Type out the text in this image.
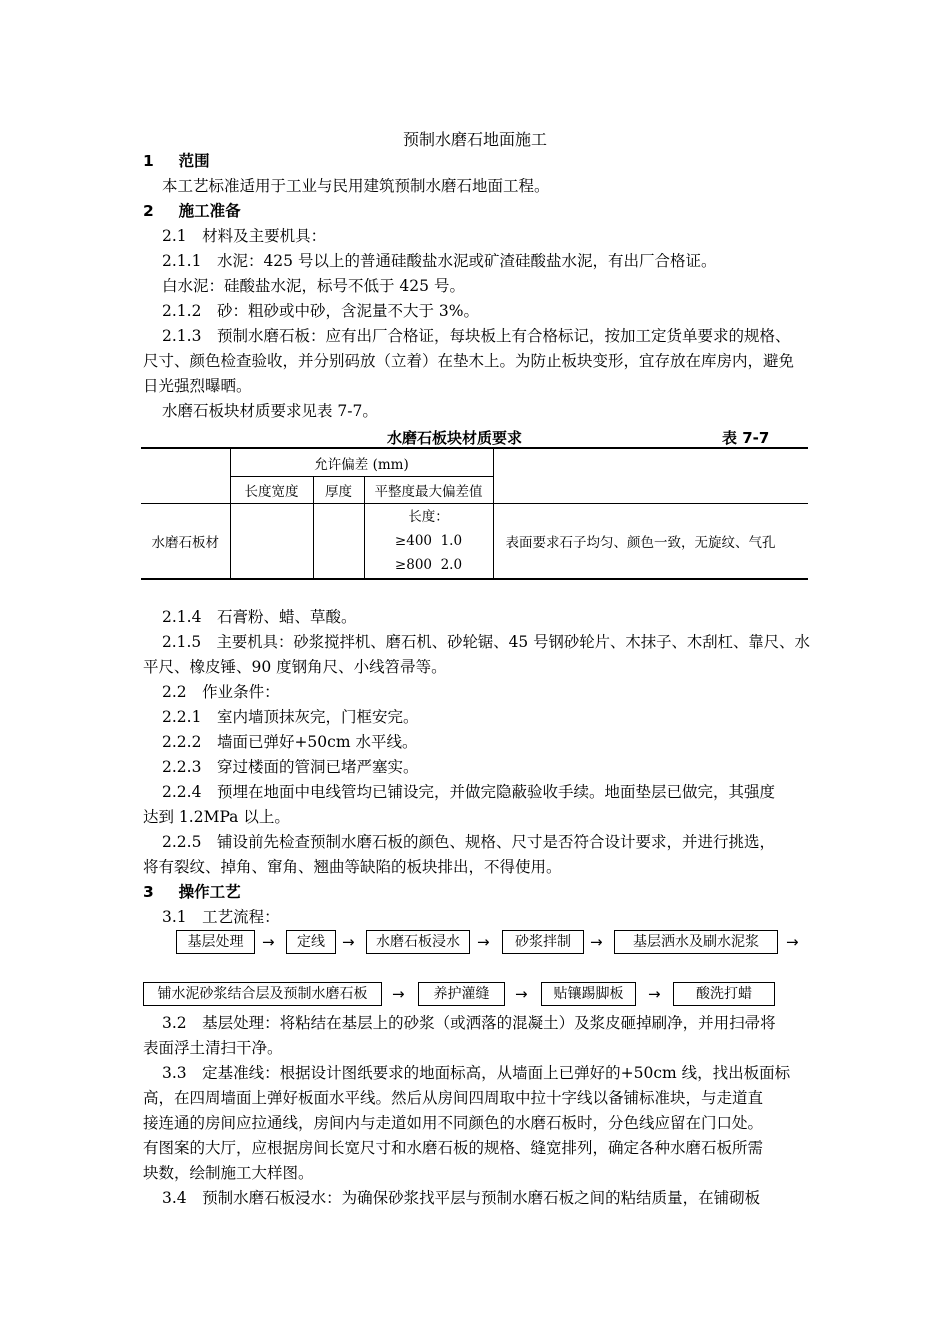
预制水磨石地面施工
1 范围
本工艺标准适用于工业与民用建筑预制水磨石地面工程。
2 施工准备
2.1　材料及主要机具：
2.1.1　水泥：425 号以上的普通硅酸盐水泥或矿渣硅酸盐水泥，有出厂合格证。
白水泥：硅酸盐水泥，标号不低于 425 号。
2.1.2　砂：粗砂或中砂，含泥量不大于 3%。
2.1.3　预制水磨石板：应有出厂合格证，每块板上有合格标记，按加工定货单要求的规格、
尺寸、颜色检查验收，并分别码放（立着）在垫木上。为防止板块变形，宜存放在库房内，避免
日光强烈曝晒。
水磨石板块材质要求见表 7-7。
水磨石板块材质要求	表 7-7
	允许偏差 (mm)			
	长度宽度	厚度	平整度最大偏差值	
水磨石板材			长度：
≥400  1.0
≥800  2.0	表面要求石子均匀、颜色一致，无旋纹、气孔
2.1.4　石膏粉、蜡、草酸。
2.1.5　主要机具：砂浆搅拌机、磨石机、砂轮锯、45 号钢砂轮片、木抹子、木刮杠、靠尺、水
平尺、橡皮锤、90 度钢角尺、小线笤帚等。
2.2　作业条件：
2.2.1　室内墙顶抹灰完，门框安完。
2.2.2　墙面已弹好+50cm 水平线。
2.2.3　穿过楼面的管洞已堵严塞实。
2.2.4　预埋在地面中电线管均已铺设完，并做完隐蔽验收手续。地面垫层已做完，其强度
达到 1.2MPa 以上。
2.2.5　铺设前先检查预制水磨石板的颜色、规格、尺寸是否符合设计要求，并进行挑选，
将有裂纹、掉角、窜角、翘曲等缺陷的板块排出，不得使用。
3 操作工艺
3.1　工艺流程：
基层处理	→	定线	→	水磨石板浸水	→	砂浆拌制	→	基层洒水及刷水泥浆	→
铺水泥砂浆结合层及预制水磨石板	→	养护灌缝	→	贴镶踢脚板	→	酸洗打蜡
3.2　基层处理：将粘结在基层上的砂浆（或洒落的混凝土）及浆皮砸掉刷净，并用扫帚将
表面浮土清扫干净。
3.3　定基准线：根据设计图纸要求的地面标高，从墙面上已弹好的+50cm 线，找出板面标
高，在四周墙面上弹好板面水平线。然后从房间四周取中拉十字线以备铺标准块，与走道直
接连通的房间应拉通线，房间内与走道如用不同颜色的水磨石板时，分色线应留在门口处。
有图案的大厅，应根据房间长宽尺寸和水磨石板的规格、缝宽排列，确定各种水磨石板所需
块数，绘制施工大样图。
3.4　预制水磨石板浸水：为确保砂浆找平层与预制水磨石板之间的粘结质量，在铺砌板
